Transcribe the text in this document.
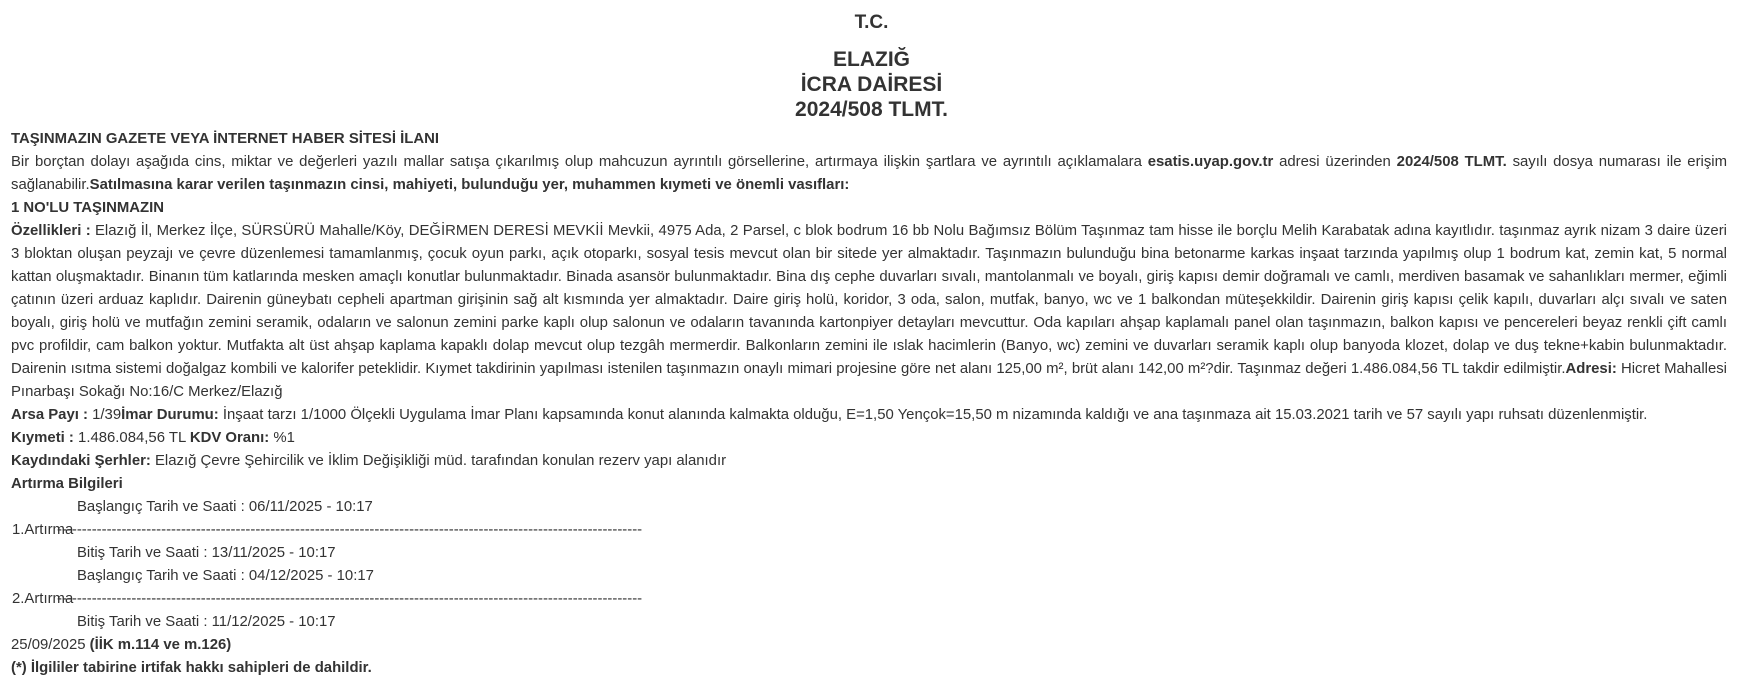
T.C.
ELAZIĞ
İCRA DAİRESİ
2024/508 TLMT.

TAŞINMAZIN GAZETE VEYA İNTERNET HABER SİTESİ İLANI

Bir borçtan dolayı aşağıda cins, miktar ve değerleri yazılı mallar satışa çıkarılmış olup mahcuzun ayrıntılı görsellerine, artırmaya ilişkin şartlara ve ayrıntılı açıklamalara esatis.uyap.gov.tr adresi üzerinden 2024/508 TLMT. sayılı dosya numarası ile erişim sağlanabilir.Satılmasına karar verilen taşınmazın cinsi, mahiyeti, bulunduğu yer, muhammen kıymeti ve önemli vasıfları:

1 NO'LU TAŞINMAZIN

Özellikleri : Elazığ İl, Merkez İlçe, SÜRSÜRÜ Mahalle/Köy, DEĞİRMEN DERESİ MEVKİİ Mevkii, 4975 Ada, 2 Parsel, c blok bodrum 16 bb Nolu Bağımsız Bölüm Taşınmaz tam hisse ile borçlu Melih Karabatak adına kayıtlıdır. taşınmaz ayrık nizam 3 daire üzeri 3 bloktan oluşan peyzajı ve çevre düzenlemesi tamamlanmış, çocuk oyun parkı, açık otoparkı, sosyal tesis mevcut olan bir sitede yer almaktadır. Taşınmazın bulunduğu bina betonarme karkas inşaat tarzında yapılmış olup 1 bodrum kat, zemin kat, 5 normal kattan oluşmaktadır. Binanın tüm katlarında mesken amaçlı konutlar bulunmaktadır. Binada asansör bulunmaktadır. Bina dış cephe duvarları sıvalı, mantolanmalı ve boyalı, giriş kapısı demir doğramalı ve camlı, merdiven basamak ve sahanlıkları mermer, eğimli çatının üzeri arduaz kaplıdır. Dairenin güneybatı cepheli apartman girişinin sağ alt kısmında yer almaktadır. Daire giriş holü, koridor, 3 oda, salon, mutfak, banyo, wc ve 1 balkondan müteşekkildir. Dairenin giriş kapısı çelik kapılı, duvarları alçı sıvalı ve saten boyalı, giriş holü ve mutfağın zemini seramik, odaların ve salonun zemini parke kaplı olup salonun ve odaların tavanında kartonpiyer detayları mevcuttur. Oda kapıları ahşap kaplamalı panel olan taşınmazın, balkon kapısı ve pencereleri beyaz renkli çift camlı pvc profildir, cam balkon yoktur. Mutfakta alt üst ahşap kaplama kapaklı dolap mevcut olup tezgâh mermerdir. Balkonların zemini ile ıslak hacimlerin (Banyo, wc) zemini ve duvarları seramik kaplı olup banyoda klozet, dolap ve duş tekne+kabin bulunmaktadır. Dairenin ısıtma sistemi doğalgaz kombili ve kalorifer peteklidir. Kıymet takdirinin yapılması istenilen taşınmazın onaylı mimari projesine göre net alanı 125,00 m², brüt alanı 142,00 m²?dir. Taşınmaz değeri 1.486.084,56 TL takdir edilmiştir.Adresi: Hicret Mahallesi Pınarbaşı Sokağı No:16/C Merkez/Elazığ

Arsa Payı : 1/39İmar Durumu: İnşaat tarzı 1/1000 Ölçekli Uygulama İmar Planı kapsamında konut alanında kalmakta olduğu, E=1,50 Yençok=15,50 m nizamında kaldığı ve ana taşınmaza ait 15.03.2021 tarih ve 57 sayılı yapı ruhsatı düzenlenmiştir.

Kıymeti : 1.486.084,56 TL KDV Oranı: %1

Kaydındaki Şerhler: Elazığ Çevre Şehircilik ve İklim Değişikliği müd. tarafından konulan rezerv yapı alanıdır

Artırma Bilgileri

Başlangıç Tarih ve Saati : 06/11/2025 - 10:17
1.Artırma
----------------------------------------------------------------------------------------------------------------------
Bitiş Tarih ve Saati : 13/11/2025 - 10:17
Başlangıç Tarih ve Saati : 04/12/2025 - 10:17
2.Artırma
----------------------------------------------------------------------------------------------------------------------
Bitiş Tarih ve Saati : 11/12/2025 - 10:17

25/09/2025 (İİK m.114 ve m.126)

(*) İlgililer tabirine irtifak hakkı sahipleri de dahildir.
